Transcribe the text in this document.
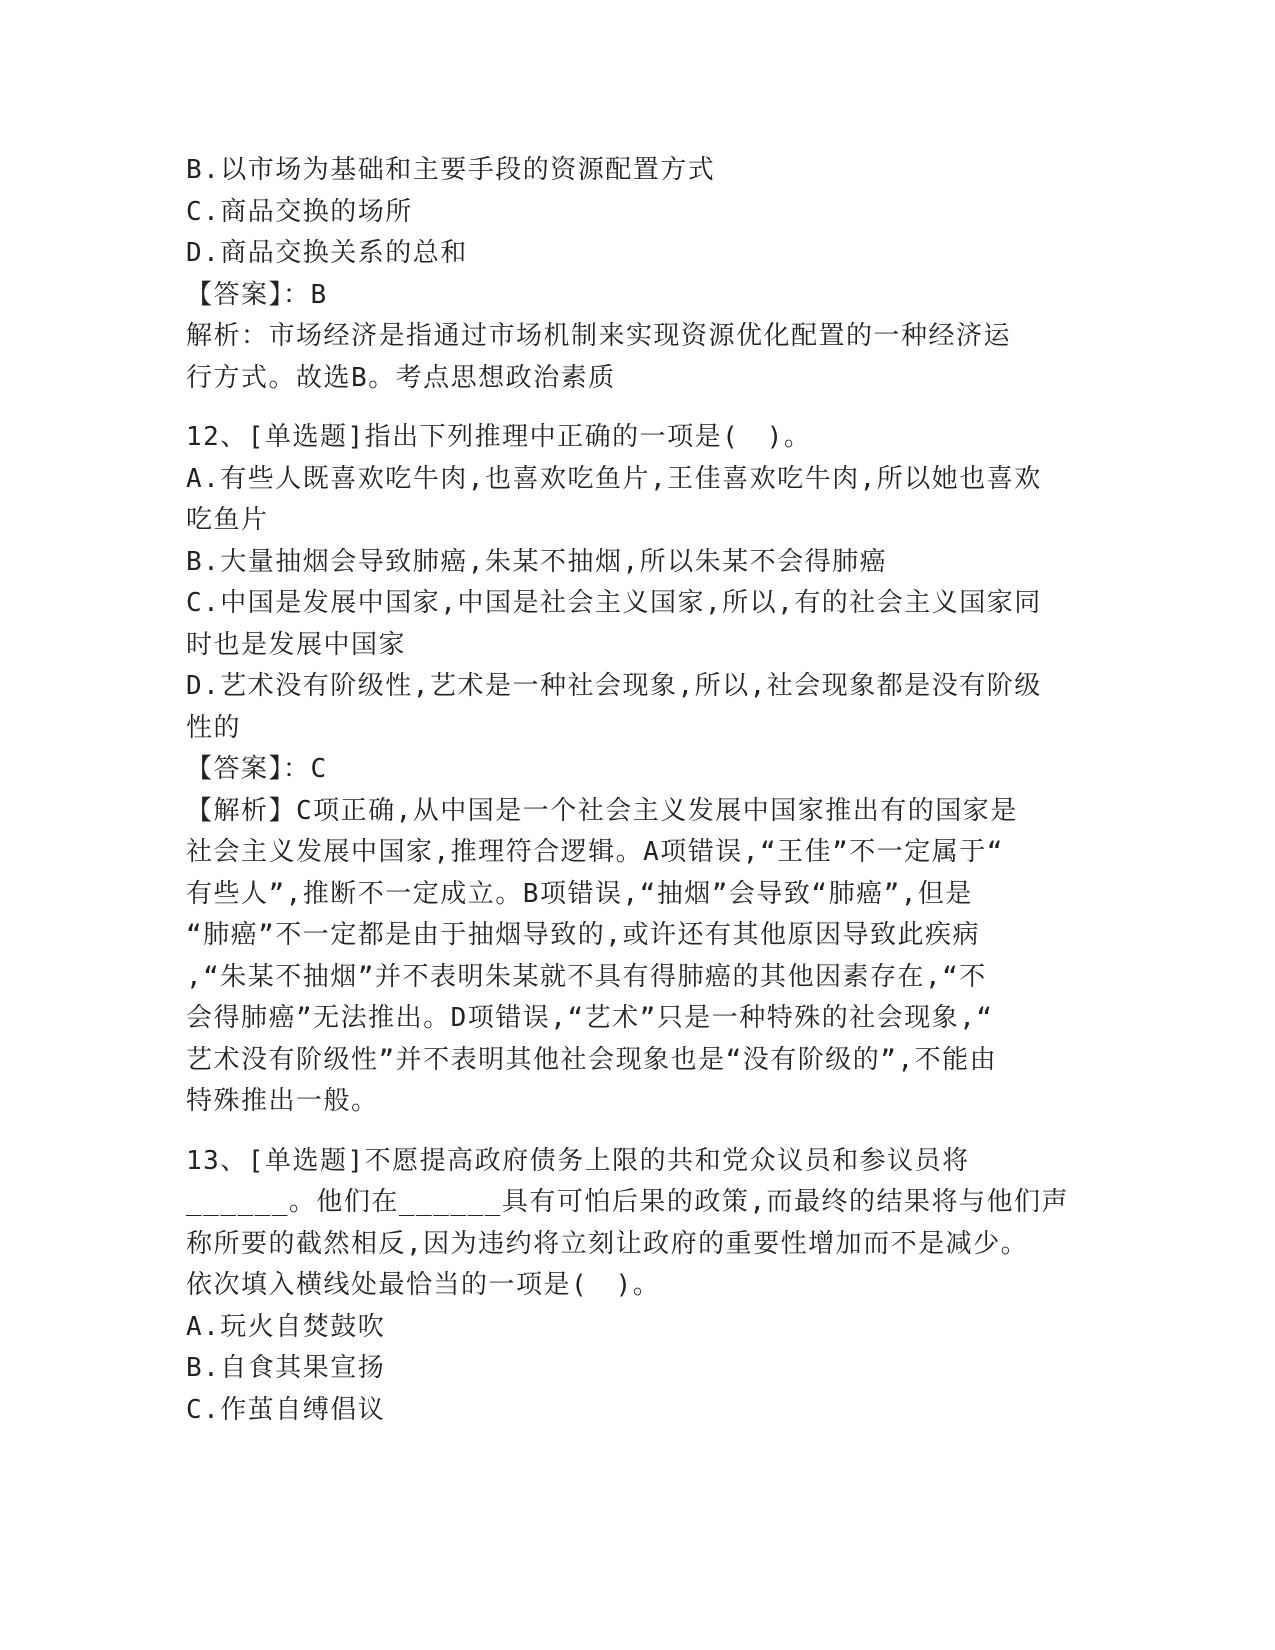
B.以市场为基础和主要手段的资源配置方式
C.商品交换的场所
D.商品交换关系的总和
【答案】：B
解析：市场经济是指通过市场机制来实现资源优化配置的一种经济运
行方式。故选B。考点思想政治素质
12、[单选题]指出下列推理中正确的一项是(　)。
A.有些人既喜欢吃牛肉,也喜欢吃鱼片,王佳喜欢吃牛肉,所以她也喜欢
吃鱼片
B.大量抽烟会导致肺癌,朱某不抽烟,所以朱某不会得肺癌
C.中国是发展中国家,中国是社会主义国家,所以,有的社会主义国家同
时也是发展中国家
D.艺术没有阶级性,艺术是一种社会现象,所以,社会现象都是没有阶级
性的
【答案】：C
【解析】C项正确,从中国是一个社会主义发展中国家推出有的国家是
社会主义发展中国家,推理符合逻辑。A项错误,“王佳”不一定属于“
有些人”,推断不一定成立。B项错误,“抽烟”会导致“肺癌”,但是
“肺癌”不一定都是由于抽烟导致的,或许还有其他原因导致此疾病
,“朱某不抽烟”并不表明朱某就不具有得肺癌的其他因素存在,“不
会得肺癌”无法推出。D项错误,“艺术”只是一种特殊的社会现象,“
艺术没有阶级性”并不表明其他社会现象也是“没有阶级的”,不能由
特殊推出一般。
13、[单选题]不愿提高政府债务上限的共和党众议员和参议员将
______。他们在______具有可怕后果的政策,而最终的结果将与他们声
称所要的截然相反,因为违约将立刻让政府的重要性增加而不是减少。
依次填入横线处最恰当的一项是(　)。
A.玩火自焚鼓吹
B.自食其果宣扬
C.作茧自缚倡议
